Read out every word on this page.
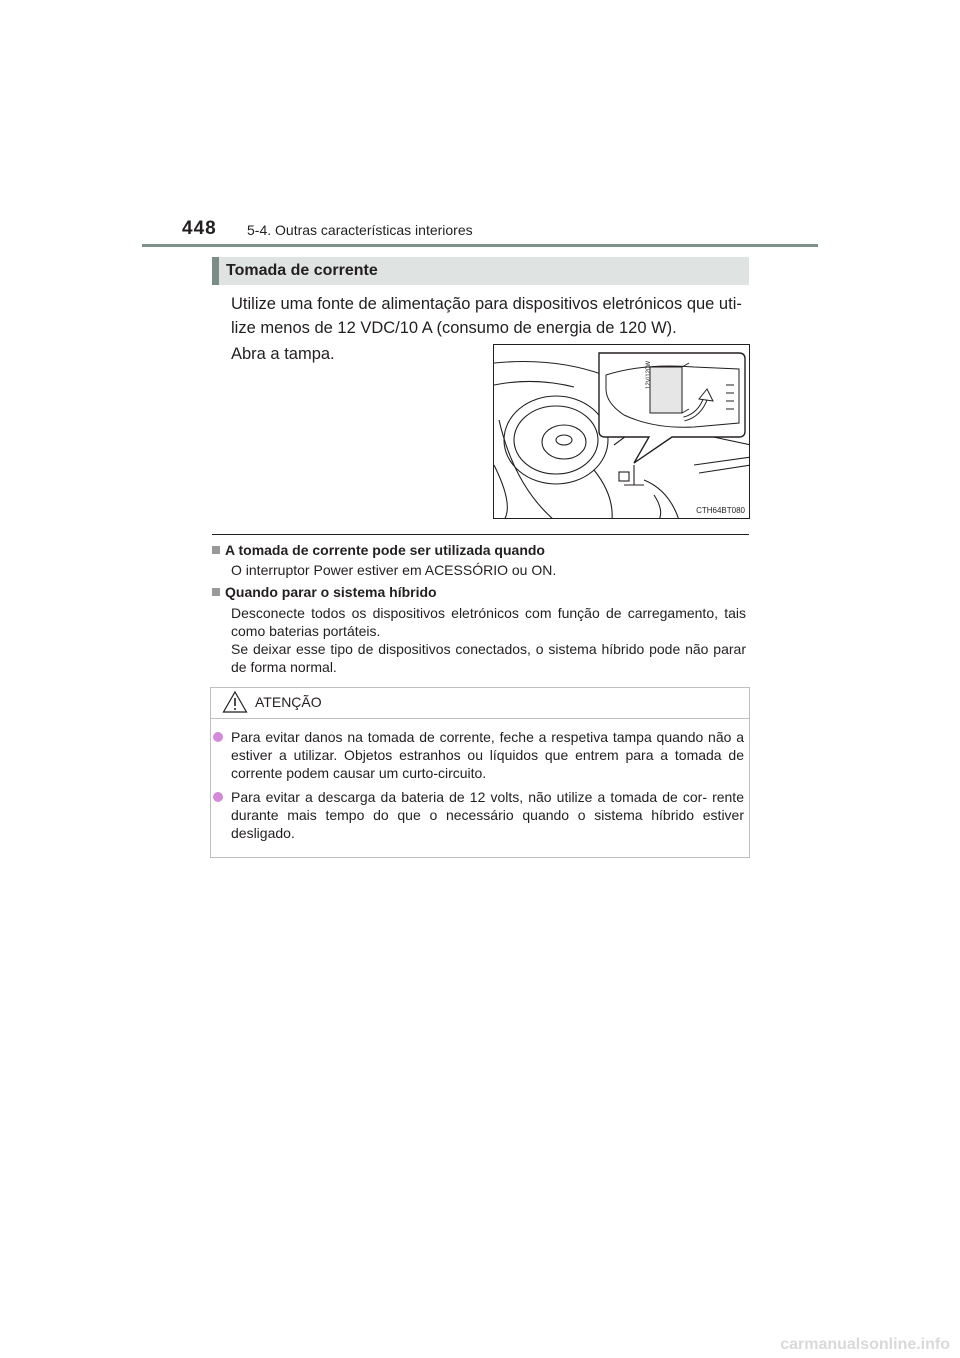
448 5-4. Outras características interiores
Tomada de corrente
Utilize uma fonte de alimentação para dispositivos eletrónicos que uti- lize menos de 12 VDC/10 A (consumo de energia de 120 W).
Abra a tampa.
12V/120W
CTH64BT080
A tomada de corrente pode ser utilizada quando
O interruptor Power estiver em ACESSÓRIO ou ON.
Quando parar o sistema híbrido
Desconecte todos os dispositivos eletrónicos com função de carregamento, tais como baterias portáteis.
Se deixar esse tipo de dispositivos conectados, o sistema híbrido pode não parar de forma normal.
ATENÇÃO
Para evitar danos na tomada de corrente, feche a respetiva tampa quando não a estiver a utilizar. Objetos estranhos ou líquidos que entrem para a tomada de corrente podem causar um curto-circuito.
Para evitar a descarga da bateria de 12 volts, não utilize a tomada de cor- rente durante mais tempo do que o necessário quando o sistema híbrido estiver desligado.
carmanualsonline.info
